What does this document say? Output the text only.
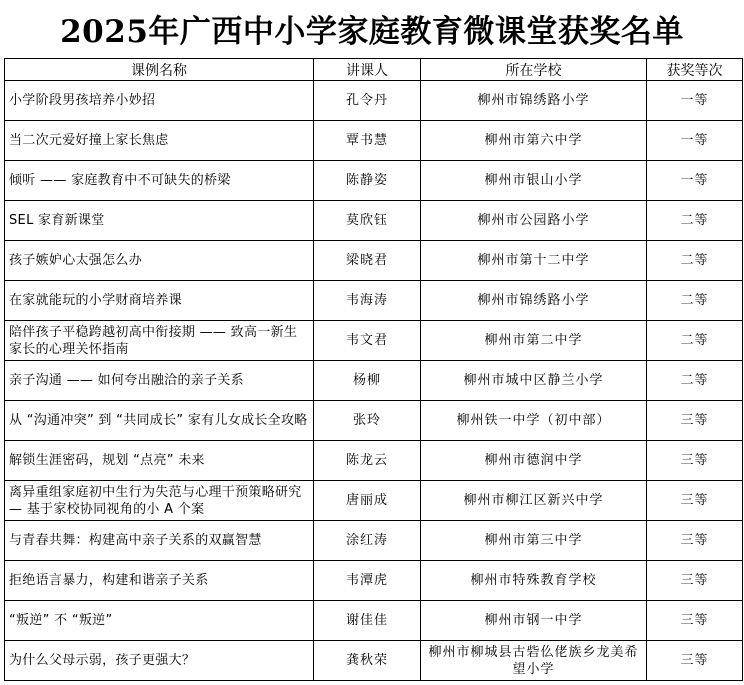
2025年广西中小学家庭教育微课堂获奖名单
课例名称	讲课人	所在学校	获奖等次
小学阶段男孩培养小妙招	孔令丹	柳州市锦绣路小学	一等
当二次元爱好撞上家长焦虑	覃书慧	柳州市第六中学	一等
倾听 —— 家庭教育中不可缺失的桥梁	陈静姿	柳州市银山小学	一等
SEL 家育新课堂	莫欣钰	柳州市公园路小学	二等
孩子嫉妒心太强怎么办	梁晓君	柳州市第十二中学	二等
在家就能玩的小学财商培养课	韦海涛	柳州市锦绣路小学	二等
陪伴孩子平稳跨越初高中衔接期 —— 致高一新生家长的心理关怀指南	韦文君	柳州市第二中学	二等
亲子沟通 —— 如何夸出融洽的亲子关系	杨柳	柳州市城中区静兰小学	二等
从 “沟通冲突” 到 “共同成长” 家有儿女成长全攻略	张玲	柳州铁一中学（初中部）	三等
解锁生涯密码，规划 “点亮” 未来	陈龙云	柳州市德润中学	三等
离异重组家庭初中生行为失范与心理干预策略研究 — 基于家校协同视角的小 A 个案	唐丽成	柳州市柳江区新兴中学	三等
与青春共舞：构建高中亲子关系的双赢智慧	涂红涛	柳州市第三中学	三等
拒绝语言暴力，构建和谐亲子关系	韦潭虎	柳州市特殊教育学校	三等
“叛逆” 不 “叛逆”	谢佳佳	柳州市钢一中学	三等
为什么父母示弱，孩子更强大？	龚秋荣	柳州市柳城县古砦仫佬族乡龙美希望小学	三等
